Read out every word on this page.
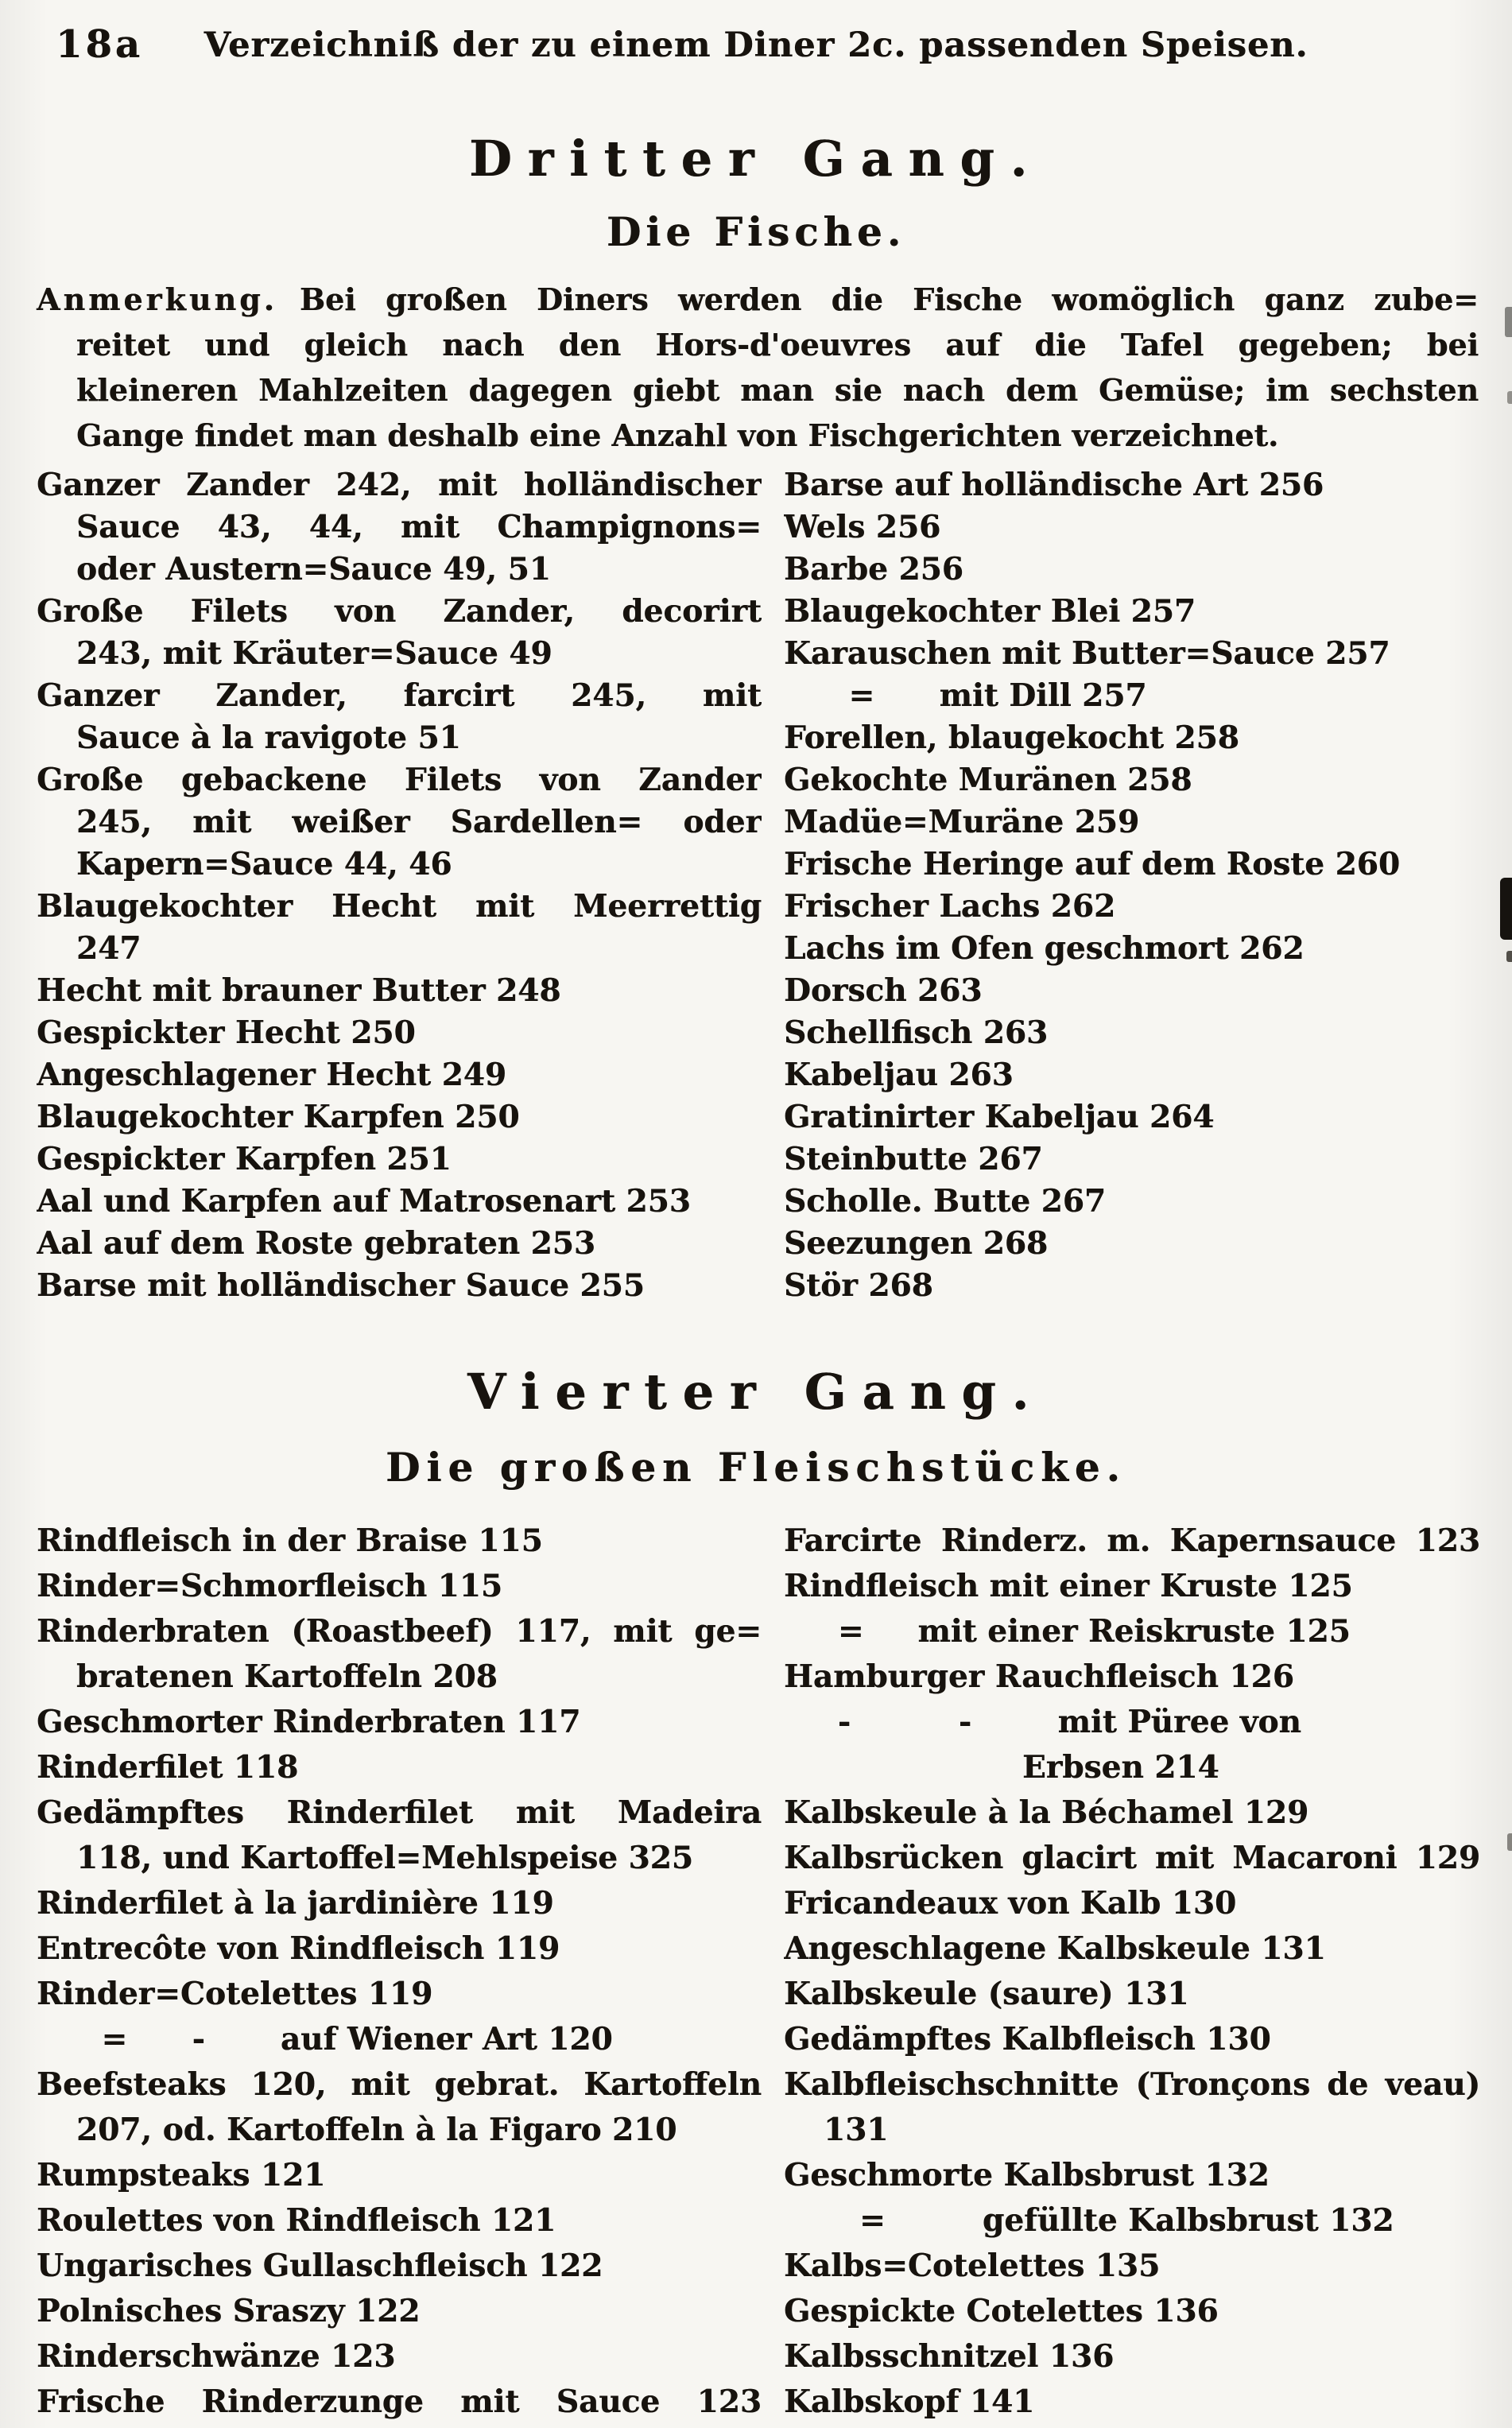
18a	Verzeichniß der zu einem Diner 2c. passenden Speisen.
Dritter Gang.
Die Fische.
Anmerkung. Bei großen Diners werden die Fische womöglich ganz zube=
reitet und gleich nach den Hors-d'oeuvres auf die Tafel gegeben; bei
kleineren Mahlzeiten dagegen giebt man sie nach dem Gemüse; im sechsten
Gange findet man deshalb eine Anzahl von Fischgerichten verzeichnet.
Ganzer Zander 242, mit holländischer
Sauce 43, 44, mit Champignons=
oder Austern=Sauce 49, 51
Große Filets von Zander, decorirt
243, mit Kräuter=Sauce 49
Ganzer Zander, farcirt 245, mit
Sauce à la ravigote 51
Große gebackene Filets von Zander
245, mit weißer Sardellen= oder
Kapern=Sauce 44, 46
Blaugekochter Hecht mit Meerrettig
247
Hecht mit brauner Butter 248
Gespickter Hecht 250
Angeschlagener Hecht 249
Blaugekochter Karpfen 250
Gespickter Karpfen 251
Aal und Karpfen auf Matrosenart 253
Aal auf dem Roste gebraten 253
Barse mit holländischer Sauce 255
Barse auf holländische Art 256
Wels 256
Barbe 256
Blaugekochter Blei 257
Karauschen mit Butter=Sauce 257
=      mit Dill 257
Forellen, blaugekocht 258
Gekochte Muränen 258
Madüe=Muräne 259
Frische Heringe auf dem Roste 260
Frischer Lachs 262
Lachs im Ofen geschmort 262
Dorsch 263
Schellfisch 263
Kabeljau 263
Gratinirter Kabeljau 264
Steinbutte 267
Scholle. Butte 267
Seezungen 268
Stör 268
Vierter Gang.
Die großen Fleischstücke.
Rindfleisch in der Braise 115
Rinder=Schmorfleisch 115
Rinderbraten (Roastbeef) 117, mit ge=
bratenen Kartoffeln 208
Geschmorter Rinderbraten 117
Rinderfilet 118
Gedämpftes Rinderfilet mit Madeira
118, und Kartoffel=Mehlspeise 325
Rinderfilet à la jardinière 119
Entrecôte von Rindfleisch 119
Rinder=Cotelettes 119
=      -       auf Wiener Art 120
Beefsteaks 120, mit gebrat. Kartoffeln
207, od. Kartoffeln à la Figaro 210
Rumpsteaks 121
Roulettes von Rindfleisch 121
Ungarisches Gullaschfleisch 122
Polnisches Sraszy 122
Rinderschwänze 123
Frische Rinderzunge mit Sauce 123
Farcirte Rinderz. m. Kapernsauce 123
Rindfleisch mit einer Kruste 125
=     mit einer Reiskruste 125
Hamburger Rauchfleisch 126
-          -        mit Püree von
Erbsen 214
Kalbskeule à la Béchamel 129
Kalbsrücken glacirt mit Macaroni 129
Fricandeaux von Kalb 130
Angeschlagene Kalbskeule 131
Kalbskeule (saure) 131
Gedämpftes Kalbfleisch 130
Kalbfleischschnitte (Tronçons de veau)
131
Geschmorte Kalbsbrust 132
=         gefüllte Kalbsbrust 132
Kalbs=Cotelettes 135
Gespickte Cotelettes 136
Kalbsschnitzel 136
Kalbskopf 141
